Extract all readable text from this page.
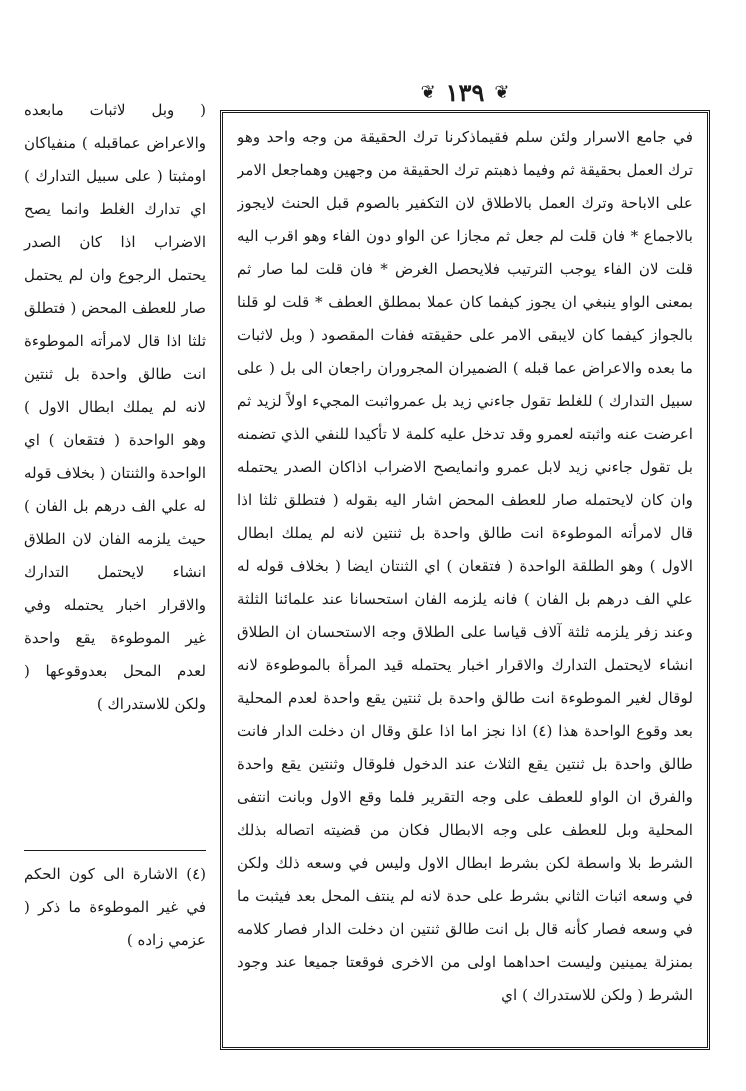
❦ ١٣٩ ❦

في جامع الاسرار ولئن سلم فقيماذكرنا ترك الحقيقة من وجه واحد وهو ترك العمل بحقيقة ثم وفيما ذهبتم ترك الحقيقة من وجهين وهماجعل الامر على الاباحة وترك العمل بالاطلاق لان التكفير بالصوم قبل الحنث لايجوز بالاجماع * فان قلت لم جعل ثم مجازا عن الواو دون الفاء وهو اقرب اليه قلت لان الفاء يوجب الترتيب فلايحصل الغرض * فان قلت لما صار ثم بمعنى الواو ينبغي ان يجوز كيفما كان عملا بمطلق العطف * قلت لو قلنا بالجواز كيفما كان لايبقى الامر على حقيقته ففات المقصود ( وبل لاثبات ما بعده والاعراض عما قبله ) الضميران المجروران راجعان الى بل ( على سبيل التدارك ) للغلط تقول جاءني زيد بل عمرواثبت المجيء اولاً لزيد ثم اعرضت عنه واثبته لعمرو وقد تدخل عليه كلمة لا تأكيدا للنفي الذي تضمنه بل تقول جاءني زيد لابل عمرو وانمايصح الاضراب اذاكان الصدر يحتمله وان كان لايحتمله صار للعطف المحض اشار اليه بقوله ( فتطلق ثلثا اذا قال لامرأته الموطوءة انت طالق واحدة بل ثنتين لانه لم يملك ابطال الاول ) وهو الطلقة الواحدة ( فتقعان ) اي الثنتان ايضا ( بخلاف قوله له علي الف درهم بل الفان ) فانه يلزمه الفان استحسانا عند علمائنا الثلثة وعند زفر يلزمه ثلثة آلاف قياسا على الطلاق وجه الاستحسان ان الطلاق انشاء لايحتمل التدارك والاقرار اخبار يحتمله قيد المرأة بالموطوءة لانه لوقال لغير الموطوءة انت طالق واحدة بل ثنتين يقع واحدة لعدم المحلية بعد وقوع الواحدة هذا (٤) اذا نجز اما اذا علق وقال ان دخلت الدار فانت طالق واحدة بل ثنتين يقع الثلاث عند الدخول فلوقال وثنتين يقع واحدة والفرق ان الواو للعطف على وجه التقرير فلما وقع الاول وبانت انتفى المحلية وبل للعطف على وجه الابطال فكان من قضيته اتصاله بذلك الشرط بلا واسطة لكن بشرط ابطال الاول وليس في وسعه ذلك ولكن في وسعه اثبات الثاني بشرط على حدة لانه لم ينتف المحل بعد فيثبت ما في وسعه فصار كأنه قال بل انت طالق ثنتين ان دخلت الدار فصار كلامه بمنزلة يمينين وليست احداهما اولى من الاخرى فوقعتا جميعا عند وجود الشرط ( ولكن للاستدراك ) اي

( وبل لاثبات مابعده والاعراض عماقبله ) منفياكان اومثبتا ( على سبيل التدارك ) اي تدارك الغلط وانما يصح الاضراب اذا كان الصدر يحتمل الرجوع وان لم يحتمل صار للعطف المحض ( فتطلق ثلثا اذا قال لامرأته الموطوءة انت طالق واحدة بل ثنتين لانه لم يملك ابطال الاول ) وهو الواحدة ( فتقعان ) اي الواحدة والثنتان ( بخلاف قوله له علي الف درهم بل الفان ) حيث يلزمه الفان لان الطلاق انشاء لايحتمل التدارك والاقرار اخبار يحتمله وفي غير الموطوءة يقع واحدة لعدم المحل بعدوقوعها ( ولكن للاستدراك )

(٤) الاشارة الى كون الحكم في غير الموطوءة ما ذكر ( عزمي زاده )
